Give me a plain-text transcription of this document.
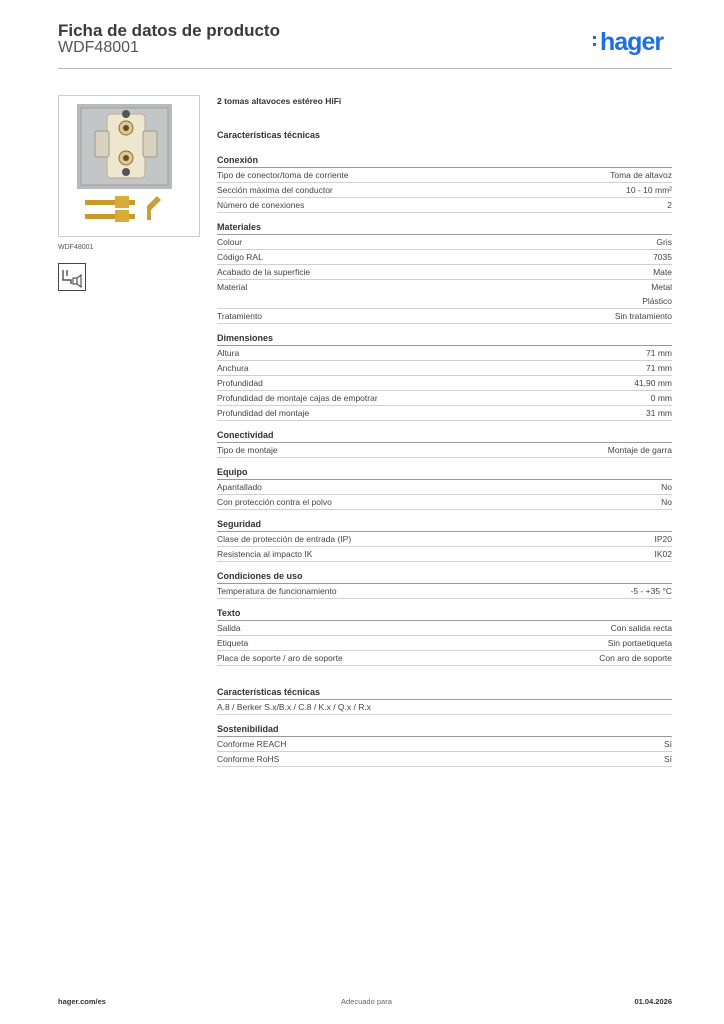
Ficha de datos de producto
WDF48001	hager
WDF48001
2 tomas altavoces estéreo HiFi
Características técnicas
Conexión
Tipo de conector/toma de corriente	Toma de altavoz
Sección máxima del conductor	10 - 10 mm²
Número de conexiones	2
Materiales
Colour	Gris
Código RAL	7035
Acabado de la superficie	Mate
Material	Metal
Plástico
Tratamiento	Sin tratamiento
Dimensiones
Altura	71 mm
Anchura	71 mm
Profundidad	41,90 mm
Profundidad de montaje cajas de empotrar	0 mm
Profundidad del montaje	31 mm
Conectividad
Tipo de montaje	Montaje de garra
Equipo
Apantallado	No
Con protección contra el polvo	No
Seguridad
Clase de protección de entrada (IP)	IP20
Resistencia al impacto IK	IK02
Condiciones de uso
Temperatura de funcionamiento	-5 - +35 °C
Texto
Salida	Con salida recta
Etiqueta	Sin portaetiqueta
Placa de soporte / aro de soporte	Con aro de soporte
Características técnicas
A.8 / Berker S.x/B.x / C.8 / K.x / Q.x / R.x
Sostenibilidad
Conforme REACH	Sí
Conforme RoHS	Sí
hager.com/es	Adecuado para	01.04.2026
